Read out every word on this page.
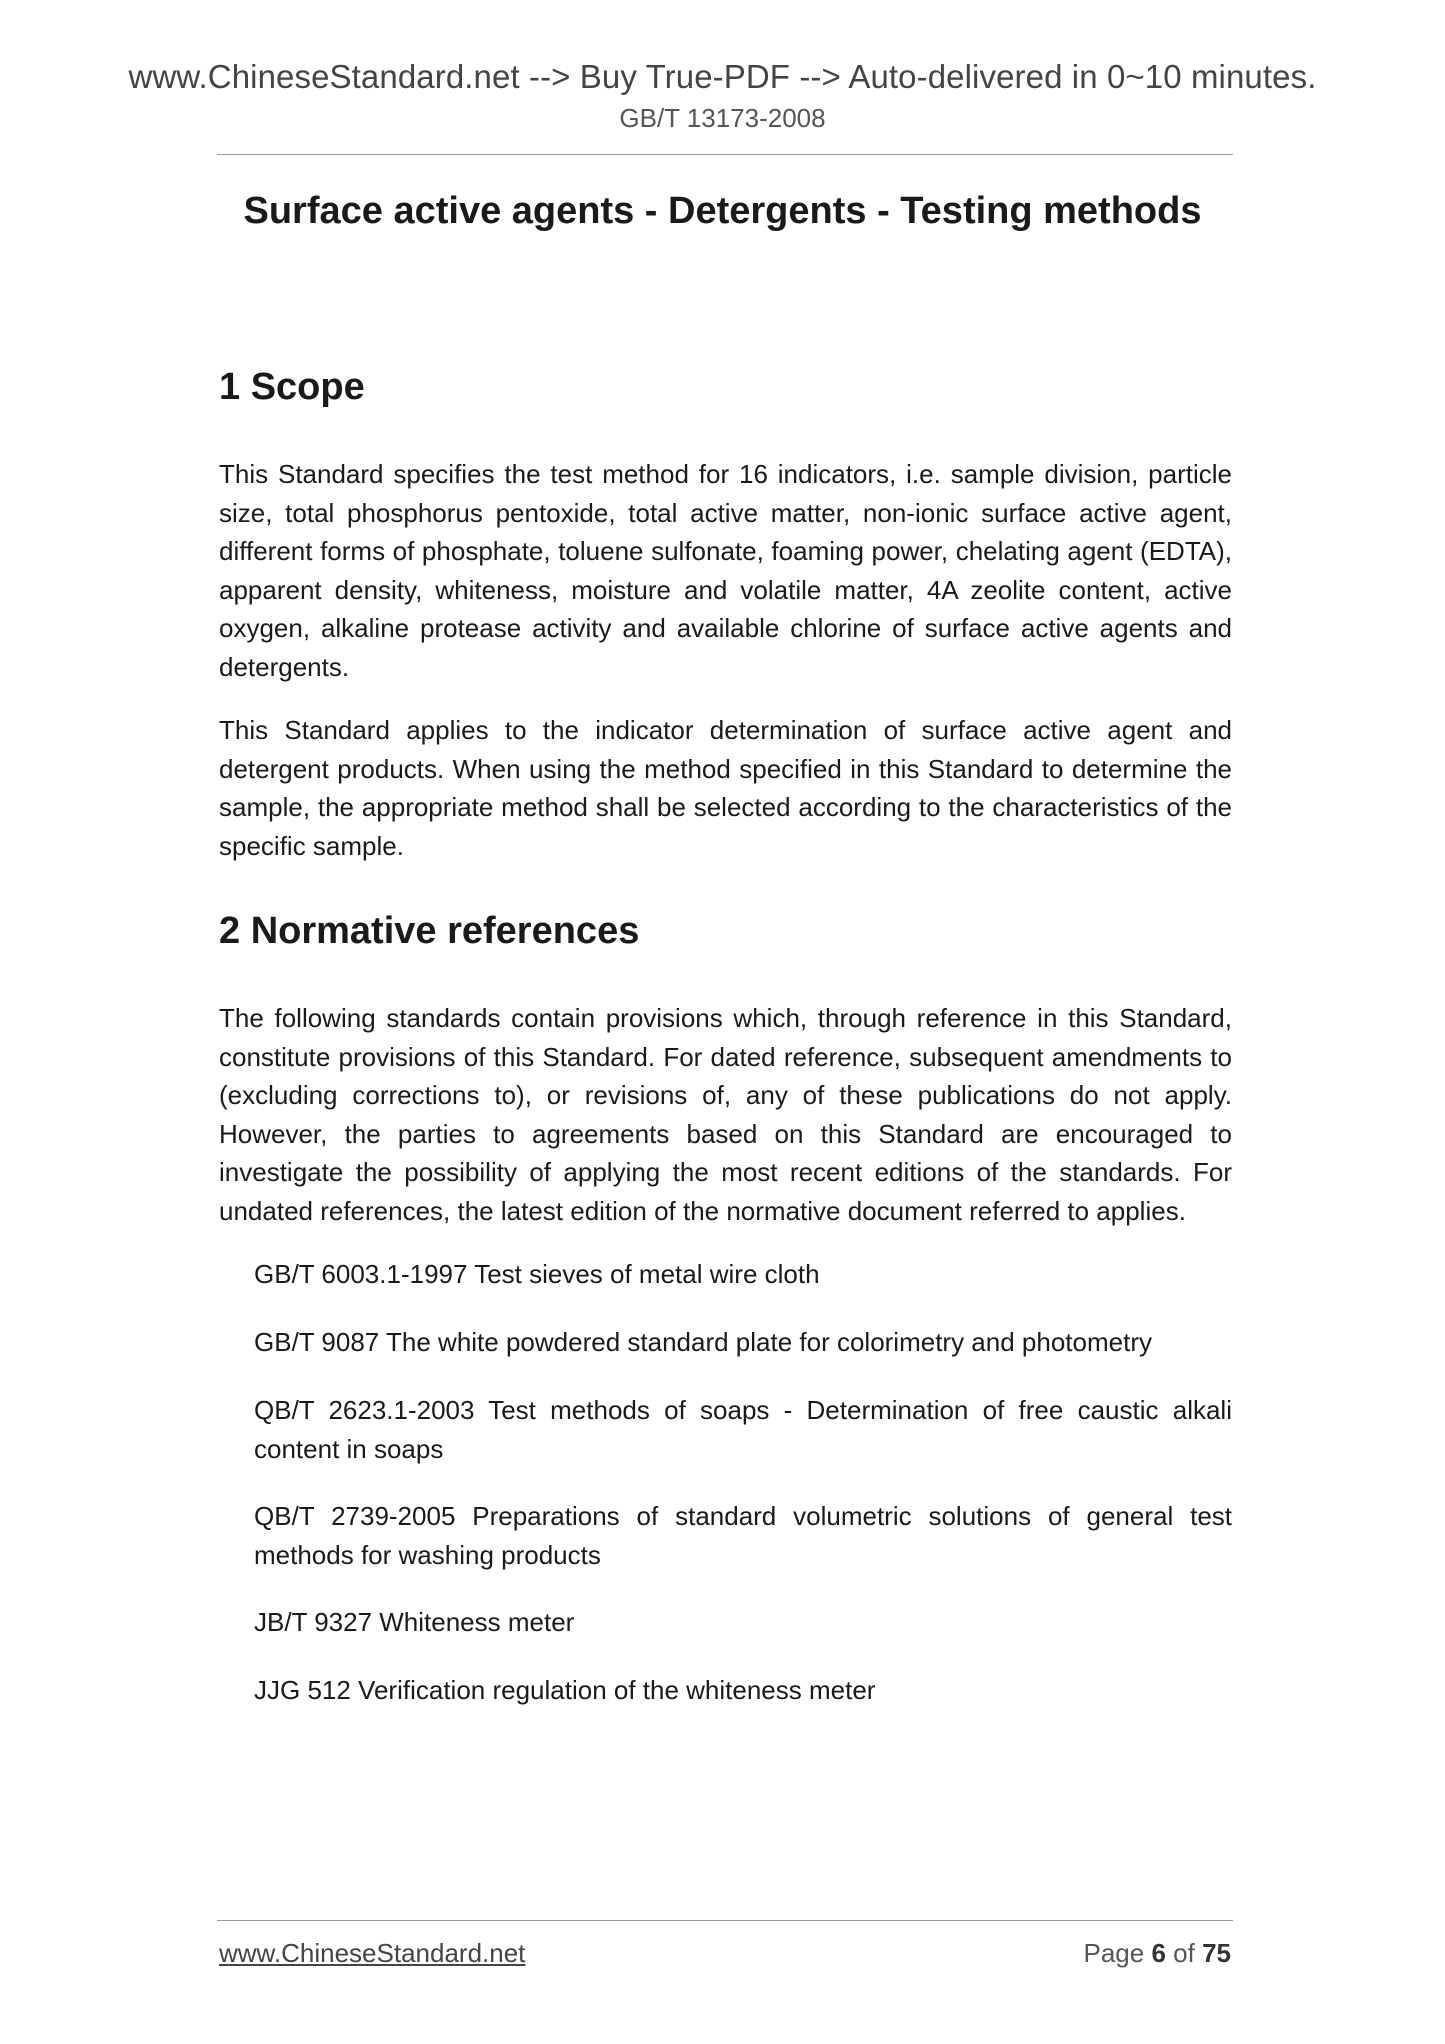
www.ChineseStandard.net --> Buy True-PDF --> Auto-delivered in 0~10 minutes.
GB/T 13173-2008
Surface active agents - Detergents - Testing methods
1 Scope

This Standard specifies the test method for 16 indicators, i.e. sample division, particle size, total phosphorus pentoxide, total active matter, non-ionic surface active agent, different forms of phosphate, toluene sulfonate, foaming power, chelating agent (EDTA), apparent density, whiteness, moisture and volatile matter, 4A zeolite content, active oxygen, alkaline protease activity and available chlorine of surface active agents and detergents.

This Standard applies to the indicator determination of surface active agent and detergent products. When using the method specified in this Standard to determine the sample, the appropriate method shall be selected according to the characteristics of the specific sample.

2 Normative references

The following standards contain provisions which, through reference in this Standard, constitute provisions of this Standard. For dated reference, subsequent amendments to (excluding corrections to), or revisions of, any of these publications do not apply. However, the parties to agreements based on this Standard are encouraged to investigate the possibility of applying the most recent editions of the standards. For undated references, the latest edition of the normative document referred to applies.

GB/T 6003.1-1997 Test sieves of metal wire cloth

GB/T 9087 The white powdered standard plate for colorimetry and photometry

QB/T 2623.1-2003 Test methods of soaps - Determination of free caustic alkali content in soaps

QB/T 2739-2005 Preparations of standard volumetric solutions of general test methods for washing products

JB/T 9327 Whiteness meter

JJG 512 Verification regulation of the whiteness meter

www.ChineseStandard.net	Page 6 of 75
